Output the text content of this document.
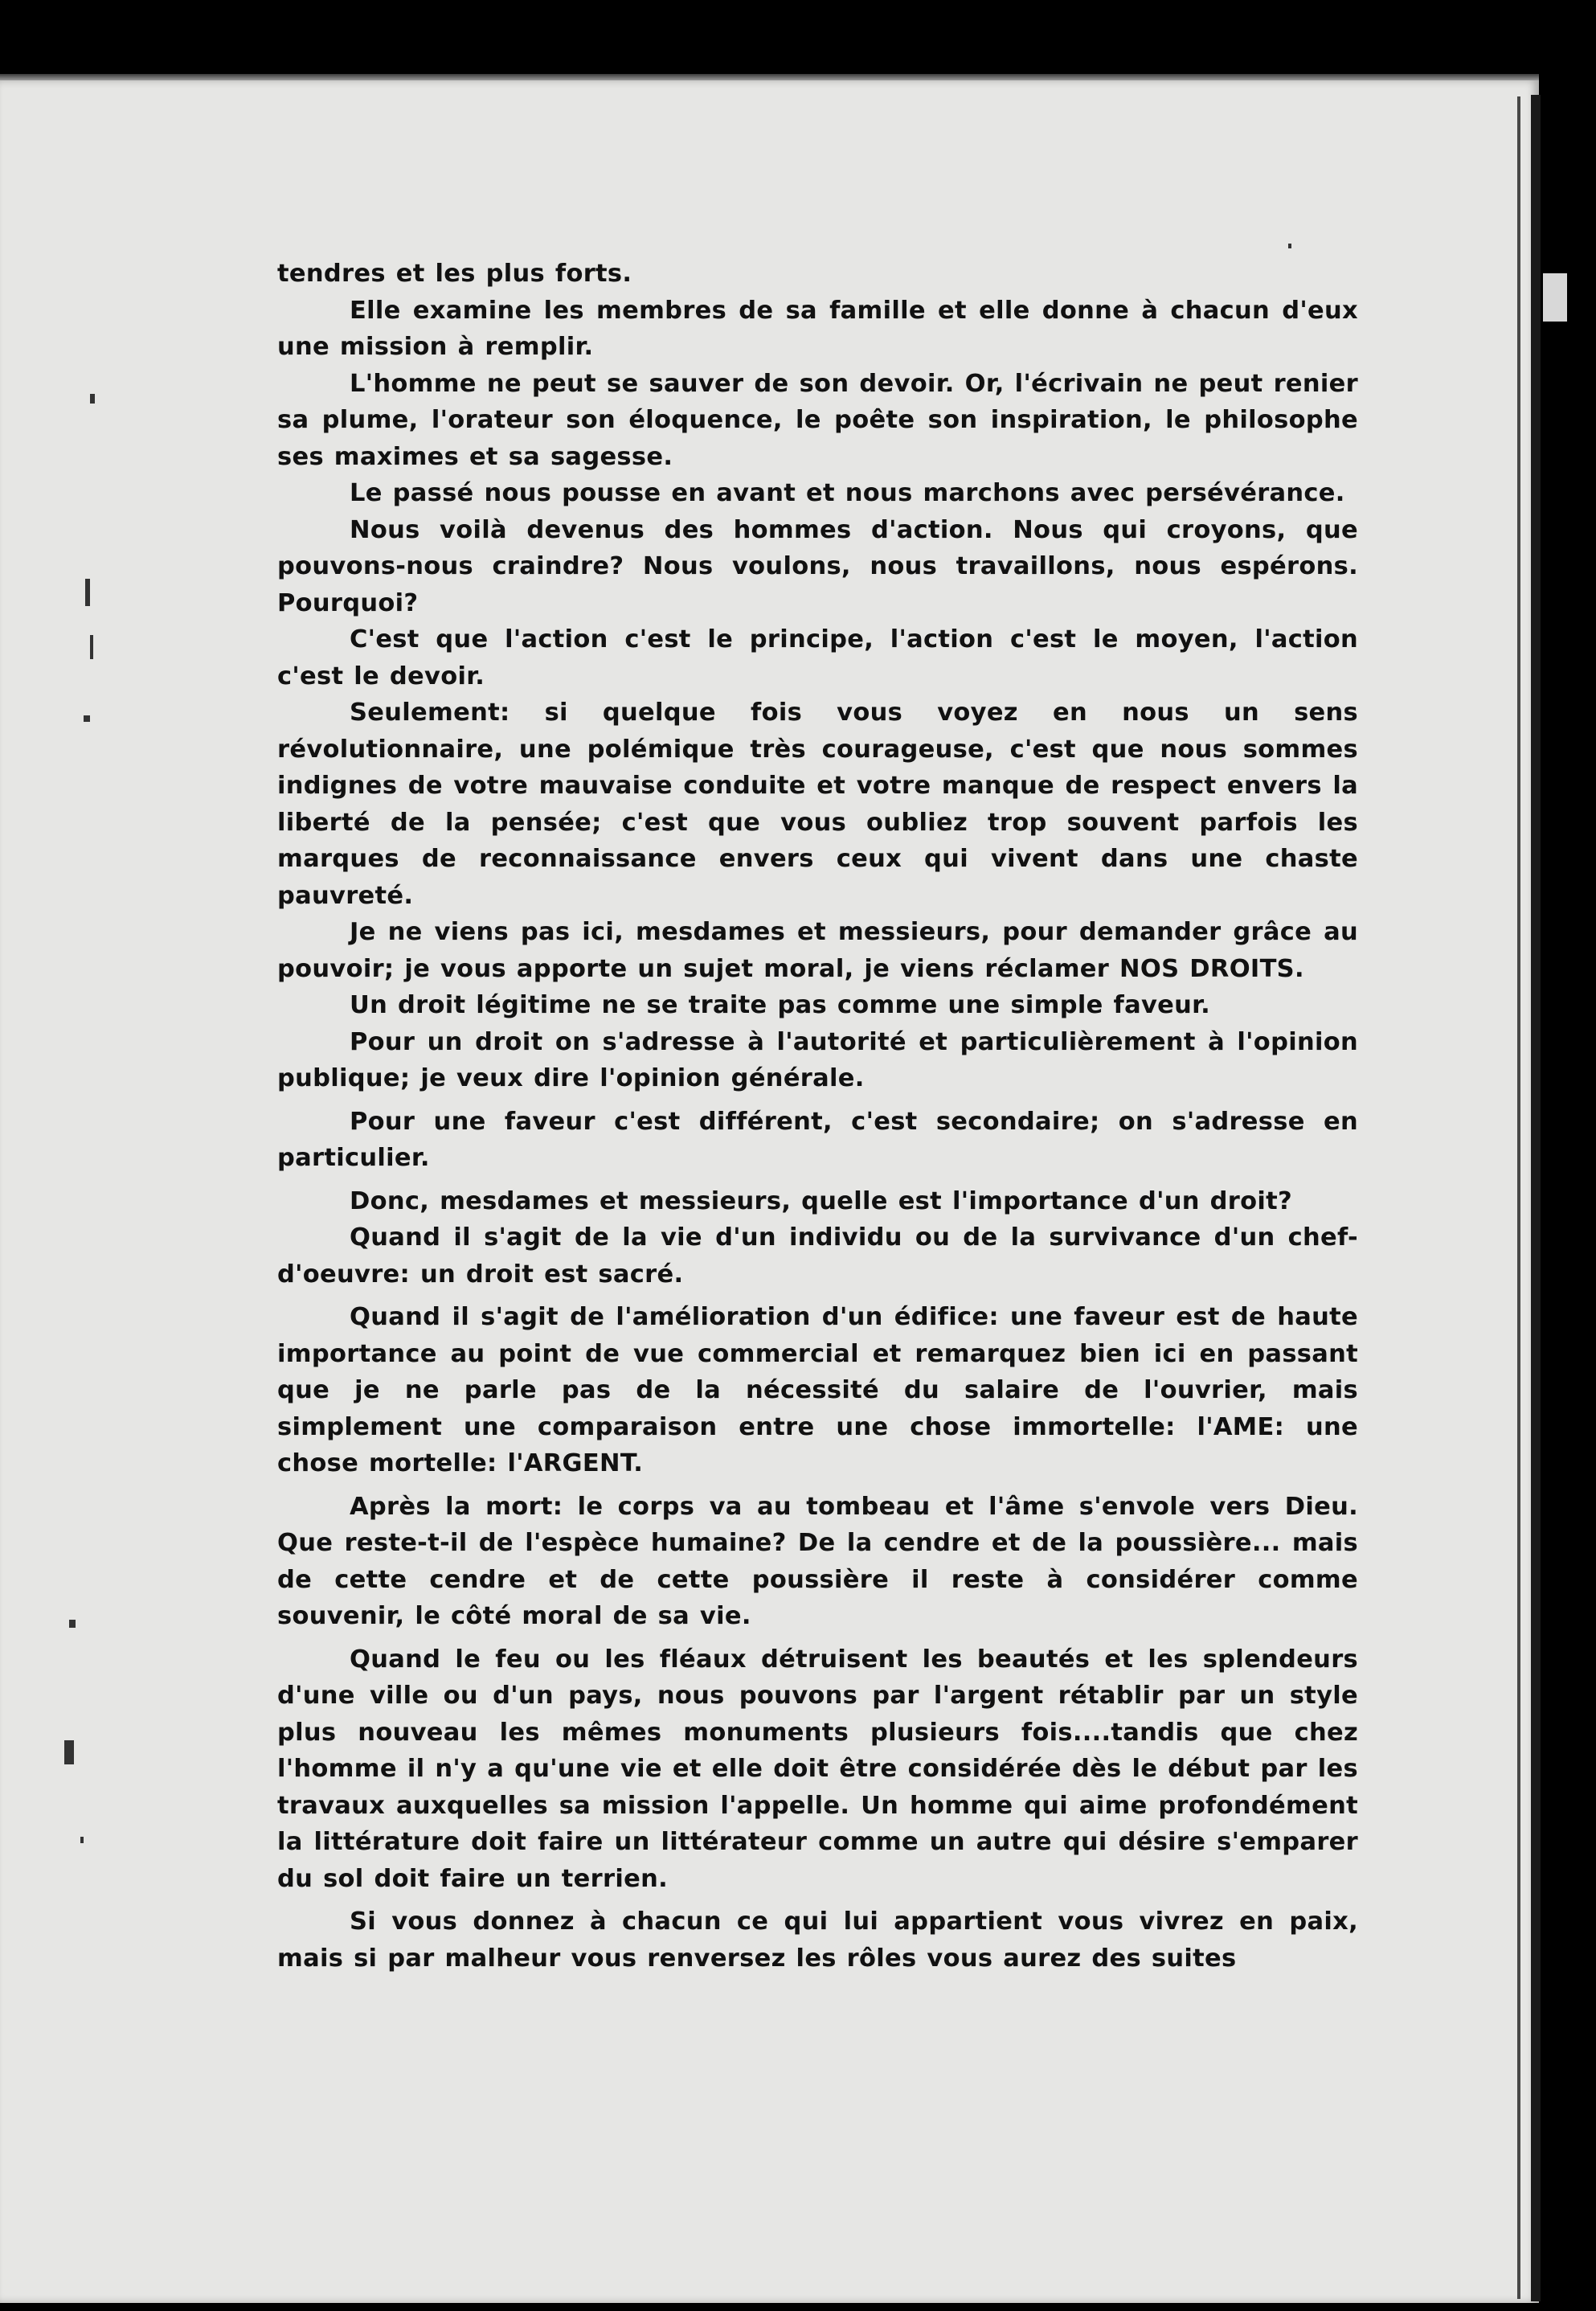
tendres et les plus forts.

Elle examine les membres de sa famille et elle donne à chacun d'eux une mission à remplir.

L'homme ne peut se sauver de son devoir. Or, l'écrivain ne peut renier sa plume, l'orateur son éloquence, le poête son inspiration, le philosophe ses maximes et sa sagesse.

Le passé nous pousse en avant et nous marchons avec persévérance.

Nous voilà devenus des hommes d'action. Nous qui croyons, que pouvons-nous craindre? Nous voulons, nous travaillons, nous espérons. Pourquoi?

C'est que l'action c'est le principe, l'action c'est le moyen, l'action c'est le devoir.

Seulement: si quelque fois vous voyez en nous un sens révolutionnaire, une polémique très courageuse, c'est que nous sommes indignes de votre mauvaise conduite et votre manque de respect envers la liberté de la pensée; c'est que vous oubliez trop souvent parfois les marques de reconnaissance envers ceux qui vivent dans une chaste pauvreté.

Je ne viens pas ici, mesdames et messieurs, pour demander grâce au pouvoir; je vous apporte un sujet moral, je viens réclamer NOS DROITS.

Un droit légitime ne se traite pas comme une simple faveur.

Pour un droit on s'adresse à l'autorité et particulièrement à l'opinion publique; je veux dire l'opinion générale.

Pour une faveur c'est différent, c'est secondaire; on s'adresse en particulier.

Donc, mesdames et messieurs, quelle est l'importance d'un droit?

Quand il s'agit de la vie d'un individu ou de la survivance d'un chef-d'oeuvre: un droit est sacré.

Quand il s'agit de l'amélioration d'un édifice: une faveur est de haute importance au point de vue commercial et remarquez bien ici en passant que je ne parle pas de la nécessité du salaire de l'ouvrier, mais simplement une comparaison entre une chose immortelle: l'AME: une chose mortelle: l'ARGENT.

Après la mort: le corps va au tombeau et l'âme s'envole vers Dieu. Que reste-t-il de l'espèce humaine? De la cendre et de la poussière... mais de cette cendre et de cette poussière il reste à considérer comme souvenir, le côté moral de sa vie.

Quand le feu ou les fléaux détruisent les beautés et les splendeurs d'une ville ou d'un pays, nous pouvons par l'argent rétablir par un style plus nouveau les mêmes monuments plusieurs fois....tandis que chez l'homme il n'y a qu'une vie et elle doit être considérée dès le début par les travaux auxquelles sa mission l'appelle. Un homme qui aime profondément la littérature doit faire un littérateur comme un autre qui désire s'emparer du sol doit faire un terrien.

Si vous donnez à chacun ce qui lui appartient vous vivrez en paix, mais si par malheur vous renversez les rôles vous aurez des suites
